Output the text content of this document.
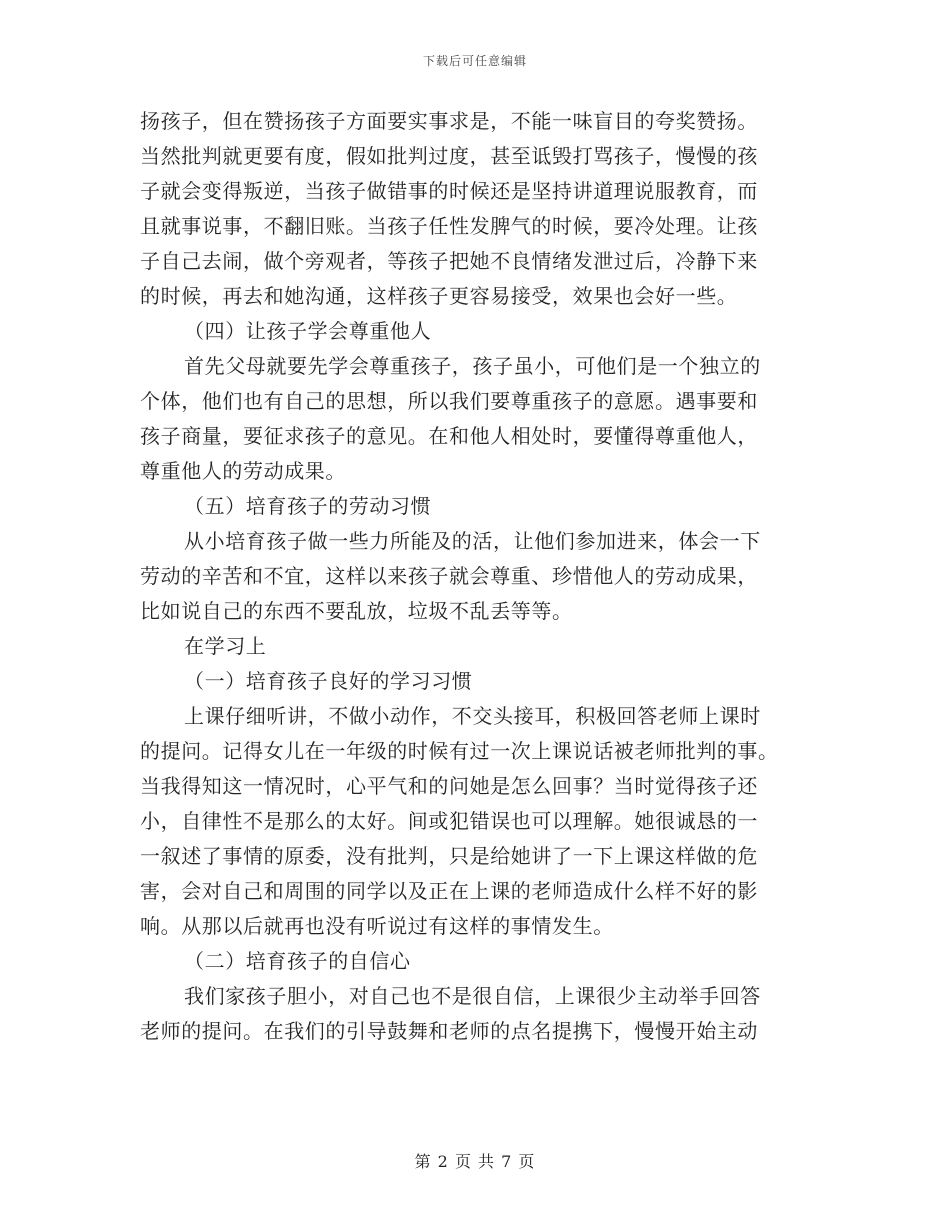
下载后可任意编辑
扬孩子，但在赞扬孩子方面要实事求是，不能一味盲目的夸奖赞扬。
当然批判就更要有度，假如批判过度，甚至诋毁打骂孩子，慢慢的孩
子就会变得叛逆，当孩子做错事的时候还是坚持讲道理说服教育，而
且就事说事，不翻旧账。当孩子任性发脾气的时候，要冷处理。让孩
子自己去闹，做个旁观者，等孩子把她不良情绪发泄过后，冷静下来
的时候，再去和她沟通，这样孩子更容易接受，效果也会好一些。
（四）让孩子学会尊重他人
首先父母就要先学会尊重孩子，孩子虽小，可他们是一个独立的
个体，他们也有自己的思想，所以我们要尊重孩子的意愿。遇事要和
孩子商量，要征求孩子的意见。在和他人相处时，要懂得尊重他人，
尊重他人的劳动成果。
（五）培育孩子的劳动习惯
从小培育孩子做一些力所能及的活，让他们参加进来，体会一下
劳动的辛苦和不宜，这样以来孩子就会尊重、珍惜他人的劳动成果，
比如说自己的东西不要乱放，垃圾不乱丢等等。
在学习上
（一）培育孩子良好的学习习惯
上课仔细听讲，不做小动作，不交头接耳，积极回答老师上课时
的提问。记得女儿在一年级的时候有过一次上课说话被老师批判的事。
当我得知这一情况时，心平气和的问她是怎么回事？当时觉得孩子还
小，自律性不是那么的太好。间或犯错误也可以理解。她很诚恳的一
一叙述了事情的原委，没有批判，只是给她讲了一下上课这样做的危
害，会对自己和周围的同学以及正在上课的老师造成什么样不好的影
响。从那以后就再也没有听说过有这样的事情发生。
（二）培育孩子的自信心
我们家孩子胆小，对自己也不是很自信，上课很少主动举手回答
老师的提问。在我们的引导鼓舞和老师的点名提携下，慢慢开始主动
第 2 页 共 7 页
